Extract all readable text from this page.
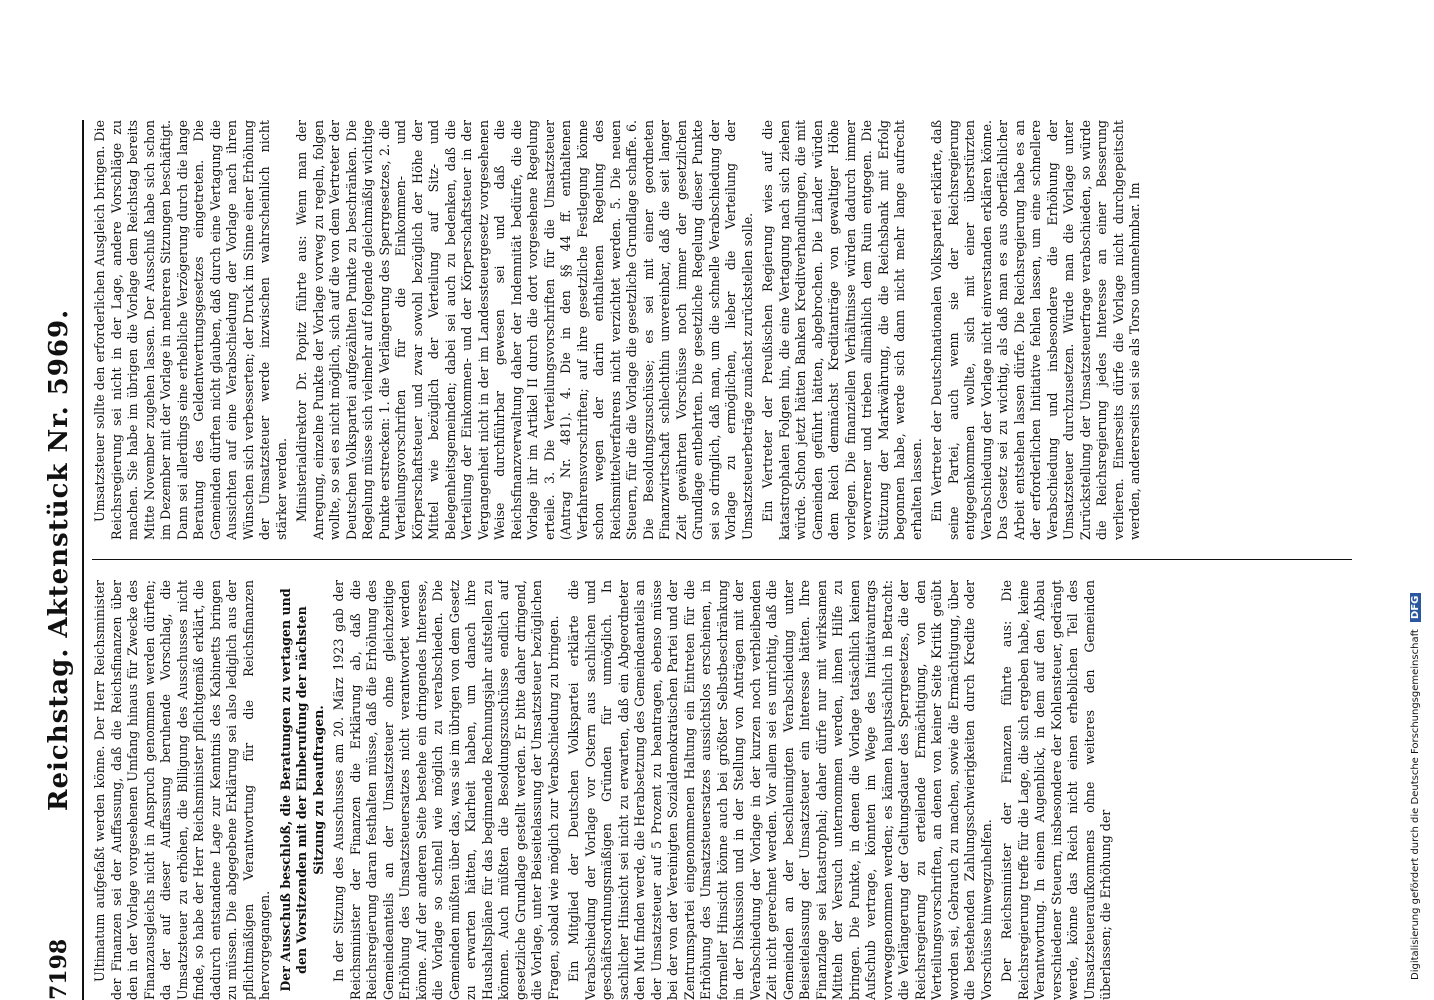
7198
Reichstag. Aktenstück Nr. 5969. Ultimatum aufgefaßt werden könne. Der Herr Reichsminister der Finanzen sei der Auffassung, daß die Reichsfinanzen über den in der Vorlage vorgesehenen Umfang hinaus für Zwecke des Finanzausgleichs nicht in Anspruch genommen werden dürften; da der auf dieser Auffassung beruhende Vorschlag, die Umsatzsteuer zu erhöhen, die Billigung des Ausschusses nicht finde, so habe der Herr Reichsminister pflichtgemäß erklärt, die dadurch entstandene Lage zur Kenntnis des Kabinetts bringen zu müssen. Die abgegebene Erklärung sei also lediglich aus der pflichtmäßigen Verantwortung für die Reichsfinanzen hervorgegangen. Der Ausschuß beschloß, die Beratungen zu vertagen und den Vorsitzenden mit der Einberufung der nächsten Sitzung zu beauftragen. In der Sitzung des Ausschusses am 20. März 1923 gab der Reichsminister der Finanzen die Erklärung ab, daß die Reichsregierung daran festhalten müsse, daß die Erhöhung des Gemeindeanteils an der Umsatzsteuer ohne gleichzeitige Erhöhung des Umsatzsteuersatzes nicht verantwortet werden könne. Auf der anderen Seite bestehe ein dringendes Interesse, die Vorlage so schnell wie möglich zu verabschieden. Die Gemeinden müßten über das, was sie im übrigen von dem Gesetz zu erwarten hätten, Klarheit haben, um danach ihre Haushaltspläne für das beginnende Rechnungsjahr aufstellen zu können. Auch müßten die Besoldungszuschüsse endlich auf gesetzliche Grundlage gestellt werden. Er bitte daher dringend, die Vorlage, unter Beiseitelassung der Umsatzsteuer bezüglichen Fragen, sobald wie möglich zur Verabschiedung zu bringen. Ein Mitglied der Deutschen Volkspartei erklärte die Verabschiedung der Vorlage vor Ostern aus sachlichen und geschäftsordnungsmäßigen Gründen für unmöglich. In sachlicher Hinsicht sei nicht zu erwarten, daß ein Abgeordneter den Mut finden werde, die Herabsetzung des Gemeindeanteils an der Umsatzsteuer auf 5 Prozent zu beantragen, ebenso müsse bei der von der Vereinigten Sozialdemokratischen Partei und der Zentrumspartei eingenommenen Haltung ein Eintreten für die Erhöhung des Umsatzsteuersatzes aussichtslos erscheinen, in formeller Hinsicht könne auch bei größter Selbstbeschränkung in der Diskussion und in der Stellung von Anträgen mit der Verabschiedung der Vorlage in der kurzen noch verbleibenden Zeit nicht gerechnet werden. Vor allem sei es unrichtig, daß die Gemeinden an der beschleunigten Verabschiedung unter Beiseitelassung der Umsatzsteuer ein Interesse hätten. Ihre Finanzlage sei katastrophal; daher dürfe nur mit wirksamen Mitteln der Versuch unternommen werden, ihnen Hilfe zu bringen. Die Punkte, in denen die Vorlage tatsächlich keinen Aufschub vertrage, könnten im Wege des Initiativantrags vorweggenommen werden; es kämen hauptsächlich in Betracht: die Verlängerung der Geltungsdauer des Sperrgesetzes, die der Reichsregierung zu erteilende Ermächtigung, von den Verteilungsvorschriften, an denen von keiner Seite Kritik geübt worden sei, Gebrauch zu machen, sowie die Ermächtigung, über die bestehenden Zahlungsschwierigkeiten durch Kredite oder Vorschüsse hinwegzuhelfen. Der Reichsminister der Finanzen führte aus: Die Reichsregierung treffe für die Lage, die sich ergeben habe, keine Verantwortung. In einem Augenblick, in dem auf den Abbau verschiedener Steuern, insbesondere der Kohlensteuer, gedrängt werde, könne das Reich nicht einen erheblichen Teil des Umsatzsteueraufkommens ohne weiteres den Gemeinden überlassen; die Erhöhung der

Umsatzsteuer sollte den erforderlichen Ausgleich bringen. Die Reichsregierung sei nicht in der Lage, andere Vorschläge zu machen. Sie habe im übrigen die Vorlage dem Reichstag bereits Mitte November zugehen lassen. Der Ausschuß habe sich schon im Dezember mit der Vorlage in mehreren Sitzungen beschäftigt. Dann sei allerdings eine erhebliche Verzögerung durch die lange Beratung des Geldentwertungsgesetzes eingetreten. Die Gemeinden dürften nicht glauben, daß durch eine Vertagung die Aussichten auf eine Verabschiedung der Vorlage nach ihren Wünschen sich verbesserten; der Druck im Sinne einer Erhöhung der Umsatzsteuer werde inzwischen wahrscheinlich nicht stärker werden. Ministerialdirektor Dr. Popitz führte aus: Wenn man der Anregung, einzelne Punkte der Vorlage vorweg zu regeln, folgen wollte, so sei es nicht möglich, sich auf die von dem Vertreter der Deutschen Volkspartei aufgezählten Punkte zu beschränken. Die Regelung müsse sich vielmehr auf folgende gleichmäßig wichtige Punkte erstrecken: 1. die Verlängerung des Sperrgesetzes, 2. die Verteilungsvorschriften für die Einkommen- und Körperschaftsteuer und zwar sowohl bezüglich der Höhe der Mittel wie bezüglich der Verteilung auf Sitz- und Belegenheitsgemeinden; dabei sei auch zu bedenken, daß die Verteilung der Einkommen- und der Körperschaftsteuer in der Vergangenheit nicht in der im Landessteuergesetz vorgesehenen Weise durchführbar gewesen sei und daß die Reichsfinanzverwaltung daher der Indemnität bedürfe, die die Vorlage ihr im Artikel II durch die dort vorgesehene Regelung erteile. 3. Die Verteilungsvorschriften für die Umsatzsteuer (Antrag Nr. 481). 4. Die in den §§ 44 ff. enthaltenen Verfahrensvorschriften; auf ihre gesetzliche Festlegung könne schon wegen der darin enthaltenen Regelung des Reichsmittelverfahrens nicht verzichtet werden. 5. Die neuen Steuern, für die die Vorlage die gesetzliche Grundlage schaffe. 6. Die Besoldungszuschüsse; es sei mit einer geordneten Finanzwirtschaft schlechthin unvereinbar, daß die seit langer Zeit gewährten Vorschüsse noch immer der gesetzlichen Grundlage entbehrten. Die gesetzliche Regelung dieser Punkte sei so dringlich, daß man, um die schnelle Verabschiedung der Vorlage zu ermöglichen, lieber die Verteilung der Umsatzsteuerbeträge zunächst zurückstellen solle. Ein Vertreter der Preußischen Regierung wies auf die katastrophalen Folgen hin, die eine Vertagung nach sich ziehen würde. Schon jetzt hätten Banken Kreditverhandlungen, die mit Gemeinden geführt hätten, abgebrochen. Die Länder würden dem Reich demnächst Kreditanträge von gewaltiger Höhe vorlegen. Die finanziellen Verhältnisse würden dadurch immer verworrener und trieben allmählich dem Ruin entgegen. Die Stützung der Markwährung, die die Reichsbank mit Erfolg begonnen habe, werde sich dann nicht mehr lange aufrecht erhalten lassen. Ein Vertreter der Deutschnationalen Volkspartei erklärte, daß seine Partei, auch wenn sie der Reichsregierung entgegenkommen wollte, sich mit einer überstürzten Verabschiedung der Vorlage nicht einverstanden erklären könne. Das Gesetz sei zu wichtig, als daß man es aus oberflächlicher Arbeit entstehen lassen dürfe. Die Reichsregierung habe es an der erforderlichen Initiative fehlen lassen, um eine schnellere Verabschiedung und insbesondere die Erhöhung der Umsatzsteuer durchzusetzen. Würde man die Vorlage unter Zurückstellung der Umsatzsteuerfrage verabschieden, so würde die Reichsregierung jedes Interesse an einer Besserung verlieren. Einerseits dürfe die Vorlage nicht durchgepeitscht werden, andererseits sei sie als Torso unannehmbar. Im

Digitalisierung gefördert durch die Deutsche Forschungsgemeinschaft DFG
